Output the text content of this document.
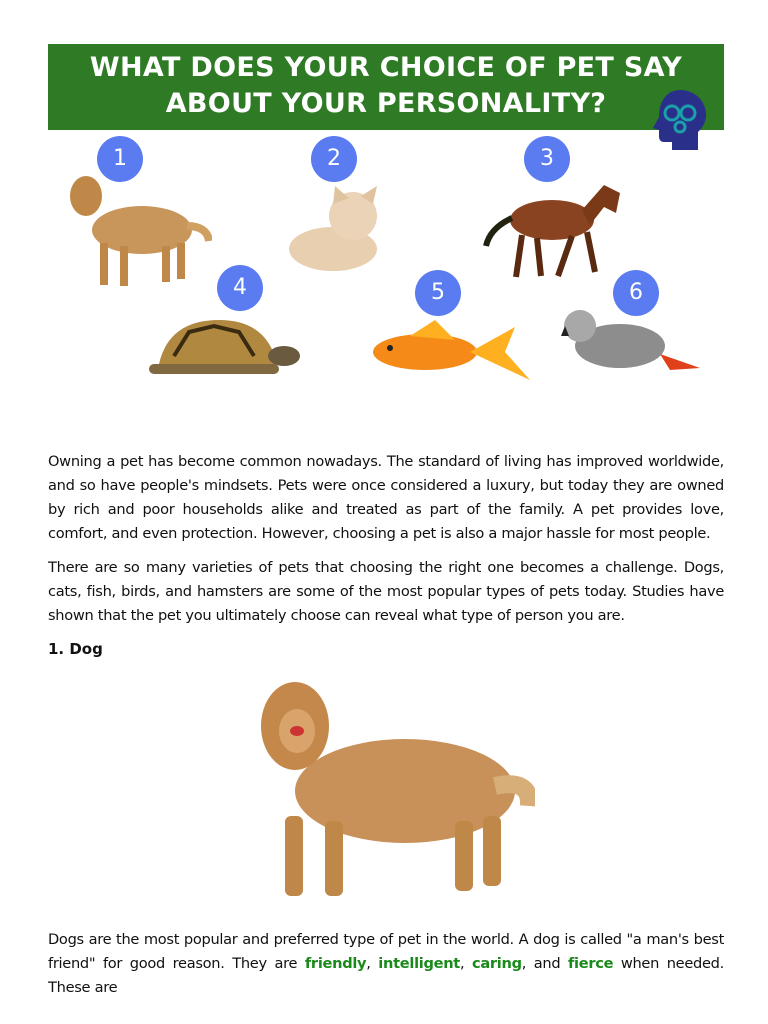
WHAT DOES YOUR CHOICE OF PET SAY
ABOUT YOUR PERSONALITY?
1	2	3
4	5	6
Owning a pet has become common nowadays. The standard of living has improved worldwide, and so have people's mindsets. Pets were once considered a luxury, but today they are owned by rich and poor households alike and treated as part of the family. A pet provides love, comfort, and even protection. However, choosing a pet is also a major hassle for most people.
There are so many varieties of pets that choosing the right one becomes a challenge. Dogs, cats, fish, birds, and hamsters are some of the most popular types of pets today. Studies have shown that the pet you ultimately choose can reveal what type of person you are.
1. Dog
Dogs are the most popular and preferred type of pet in the world. A dog is called "a man's best friend" for good reason. They are friendly, intelligent, caring, and fierce when needed. These are
